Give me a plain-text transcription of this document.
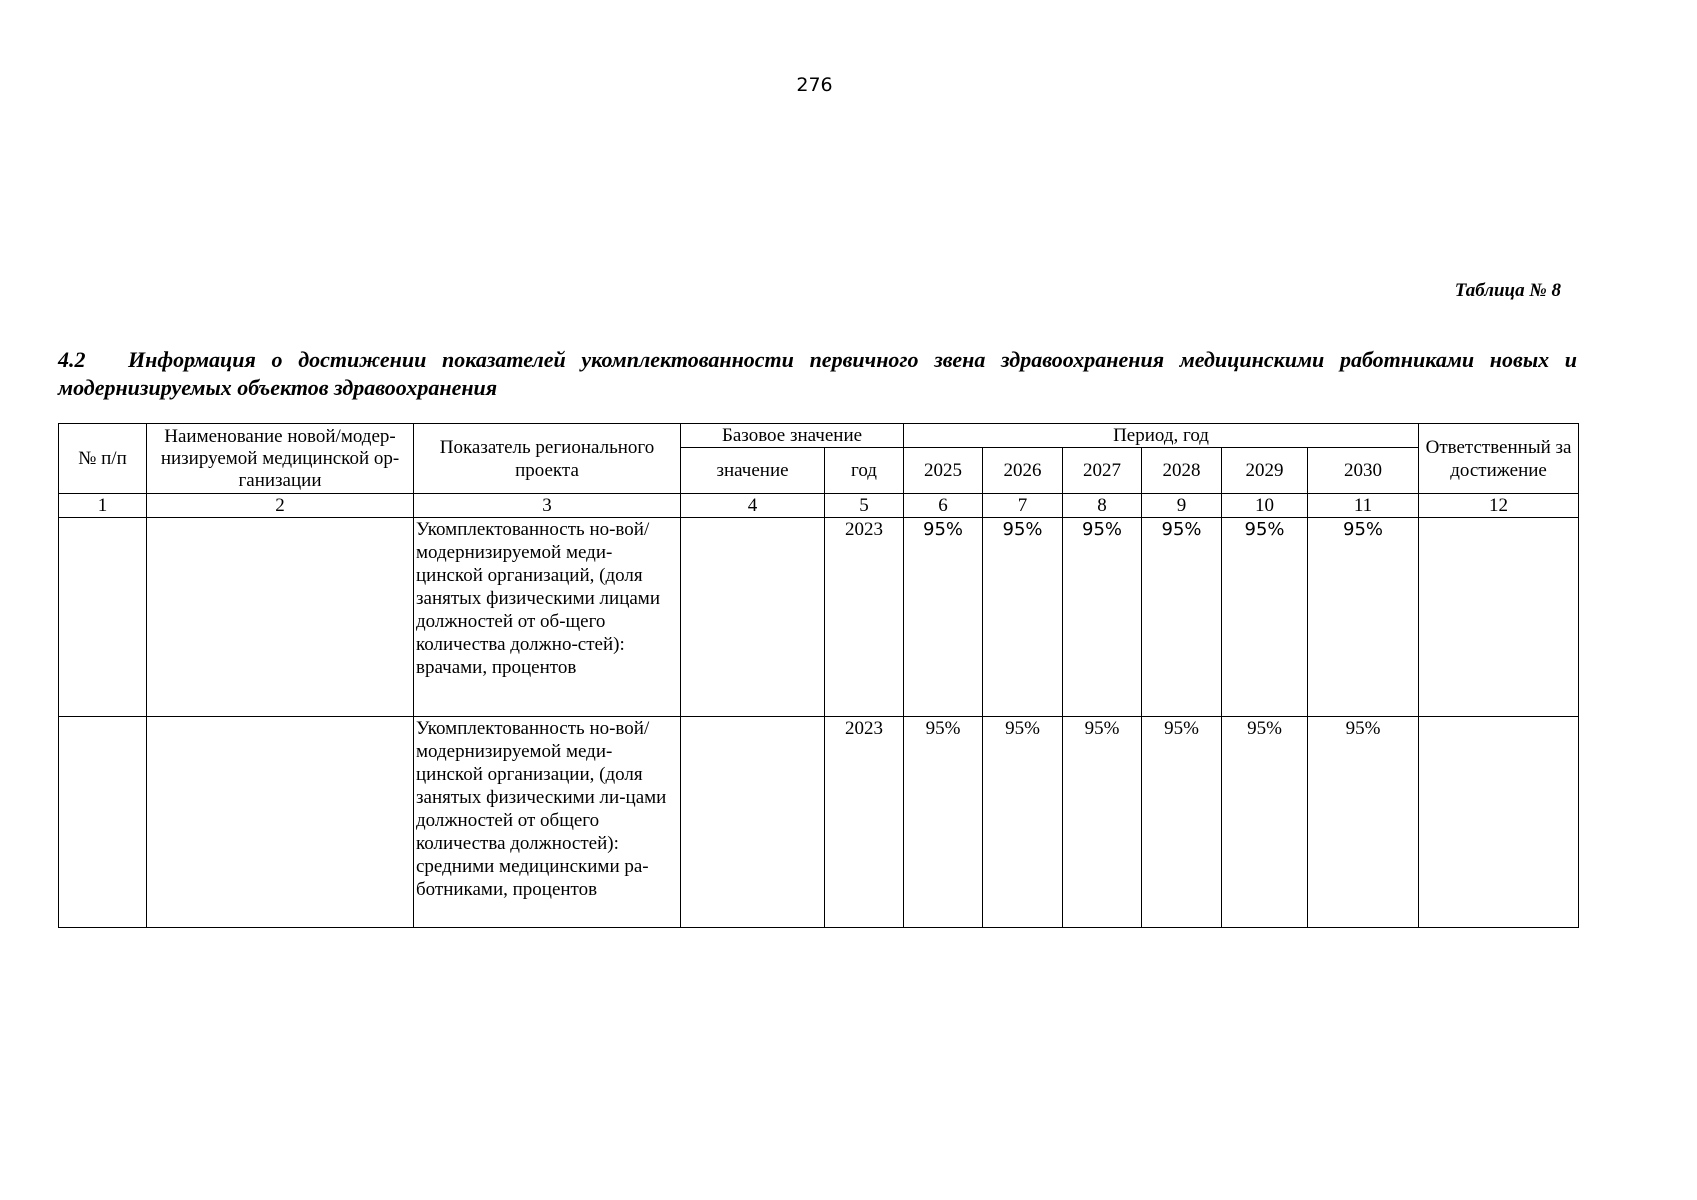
276
Таблица № 8
4.2 Информация о достижении показателей укомплектованности первичного звена здравоохранения медицинскими работниками новых и модернизируемых объектов здравоохранения
№ п/п	Наименование новой/модер-низируемой медицинской ор-ганизации	Показатель регионального проекта	Базовое значение		Период, год						Ответственный за достижение
			значение	год	2025	2026	2027	2028	2029	2030	
1	2	3	4	5	6	7	8	9	10	11	12
		Укомплектованность но-вой/модернизируемой меди-цинской организаций, (доля занятых физическими лицами должностей от об-щего количества должно-стей): врачами, процентов		2023	95%	95%	95%	95%	95%	95%	
		Укомплектованность но-вой/модернизируемой меди-цинской организации, (доля занятых физическими ли-цами должностей от общего количества должностей): средними медицинскими ра-ботниками, процентов		2023	95%	95%	95%	95%	95%	95%	
